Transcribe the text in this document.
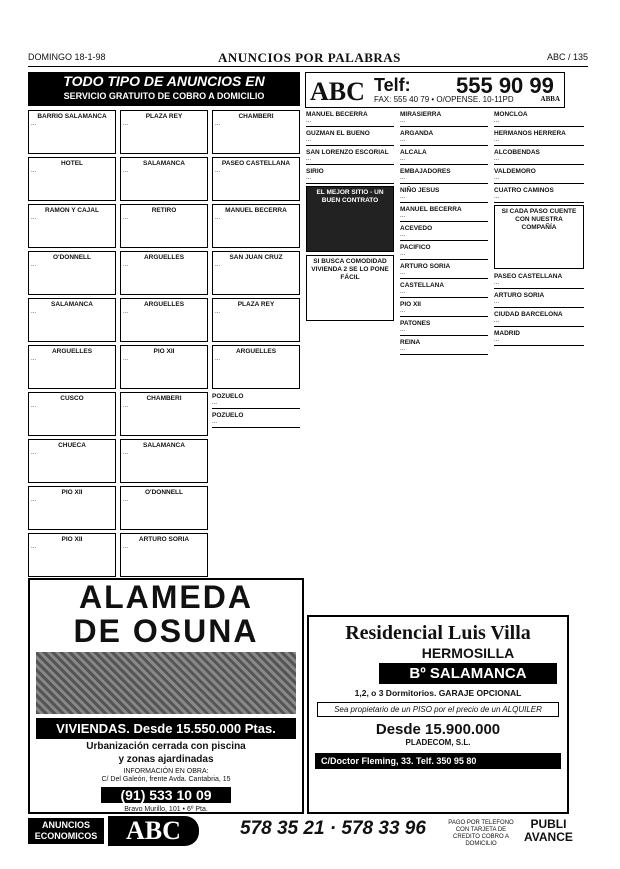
DOMINGO 18-1-98	ANUNCIOS POR PALABRAS	ABC / 135
TODO TIPO DE ANUNCIOS EN
SERVICIO GRATUITO DE COBRO A DOMICILIO	ABC Telf: 555 90 99
FAX: 555 40 79 • O/OPENSE. 10-11PD	ABBA
BARRIO SALAMANCA
...
HOTEL
...
RAMON Y CAJAL
...
O'DONNELL
...
SALAMANCA
...
ARGUELLES
...
CUSCO
...
CHUECA
...
PIO XII
...
PIO XII
...
PLAZA REY
...
SALAMANCA
...
RETIRO
...
ARGUELLES
...
ARGUELLES
...
PIO XII
...
CHAMBERI
...
SALAMANCA
...
O'DONNELL
...
ARTURO SORIA
...
CHAMBERI
...
PASEO CASTELLANA
...
MANUEL BECERRA
...
SAN JUAN CRUZ
...
PLAZA REY
...
ARGUELLES
...
POZUELO
...
POZUELO
...
MANUEL BECERRA
...
GUZMAN EL BUENO
...
SAN LORENZO ESCORIAL
...
SIRIO
...
EL MEJOR SITIO - UN BUEN CONTRATO
SI BUSCA COMODIDAD VIVIENDA 2 SE LO PONE FÁCIL
MIRASIERRA
...
ARGANDA
...
ALCALA
...
EMBAJADORES
...
NIÑO JESUS
...
MANUEL BECERRA
...
ACEVEDO
...
PACIFICO
...
ARTURO SORIA
...
CASTELLANA
...
PIO XII
...
PATONES
...
REINA
...
MONCLOA
...
HERMANOS HERRERA
...
ALCOBENDAS
...
VALDEMORO
...
CUATRO CAMINOS
...
SI CADA PASO CUENTE CON NUESTRA COMPAÑÍA
PASEO CASTELLANA
...
ARTURO SORIA
...
CIUDAD BARCELONA
...
MADRID
...
ALAMEDA
DE OSUNA
VIVIENDAS. Desde 15.550.000 Ptas.
Urbanización cerrada con piscina
y zonas ajardinadas
INFORMACIÓN EN OBRA:
C/ Del Galeón, frente Avda. Cantabria, 15
(91) 533 10 09
Bravo Murillo, 101 • 6º Pta.
Residencial Luis Villa
HERMOSILLA
Bº SALAMANCA
1,2, o 3 Dormitorios. GARAJE OPCIONAL
Sea propietario de un PISO por el precio de un ALQUILER
Desde 15.900.000
PLADECOM, S.L.
C/Doctor Fleming, 33. Telf. 350 95 80
ANUNCIOS ECONOMICOS	ABC	578 35 21 · 578 33 96	PAGO POR TELEFONO CON TARJETA DE CREDITO COBRO A DOMICILIO
PUBLI
AVANCE
